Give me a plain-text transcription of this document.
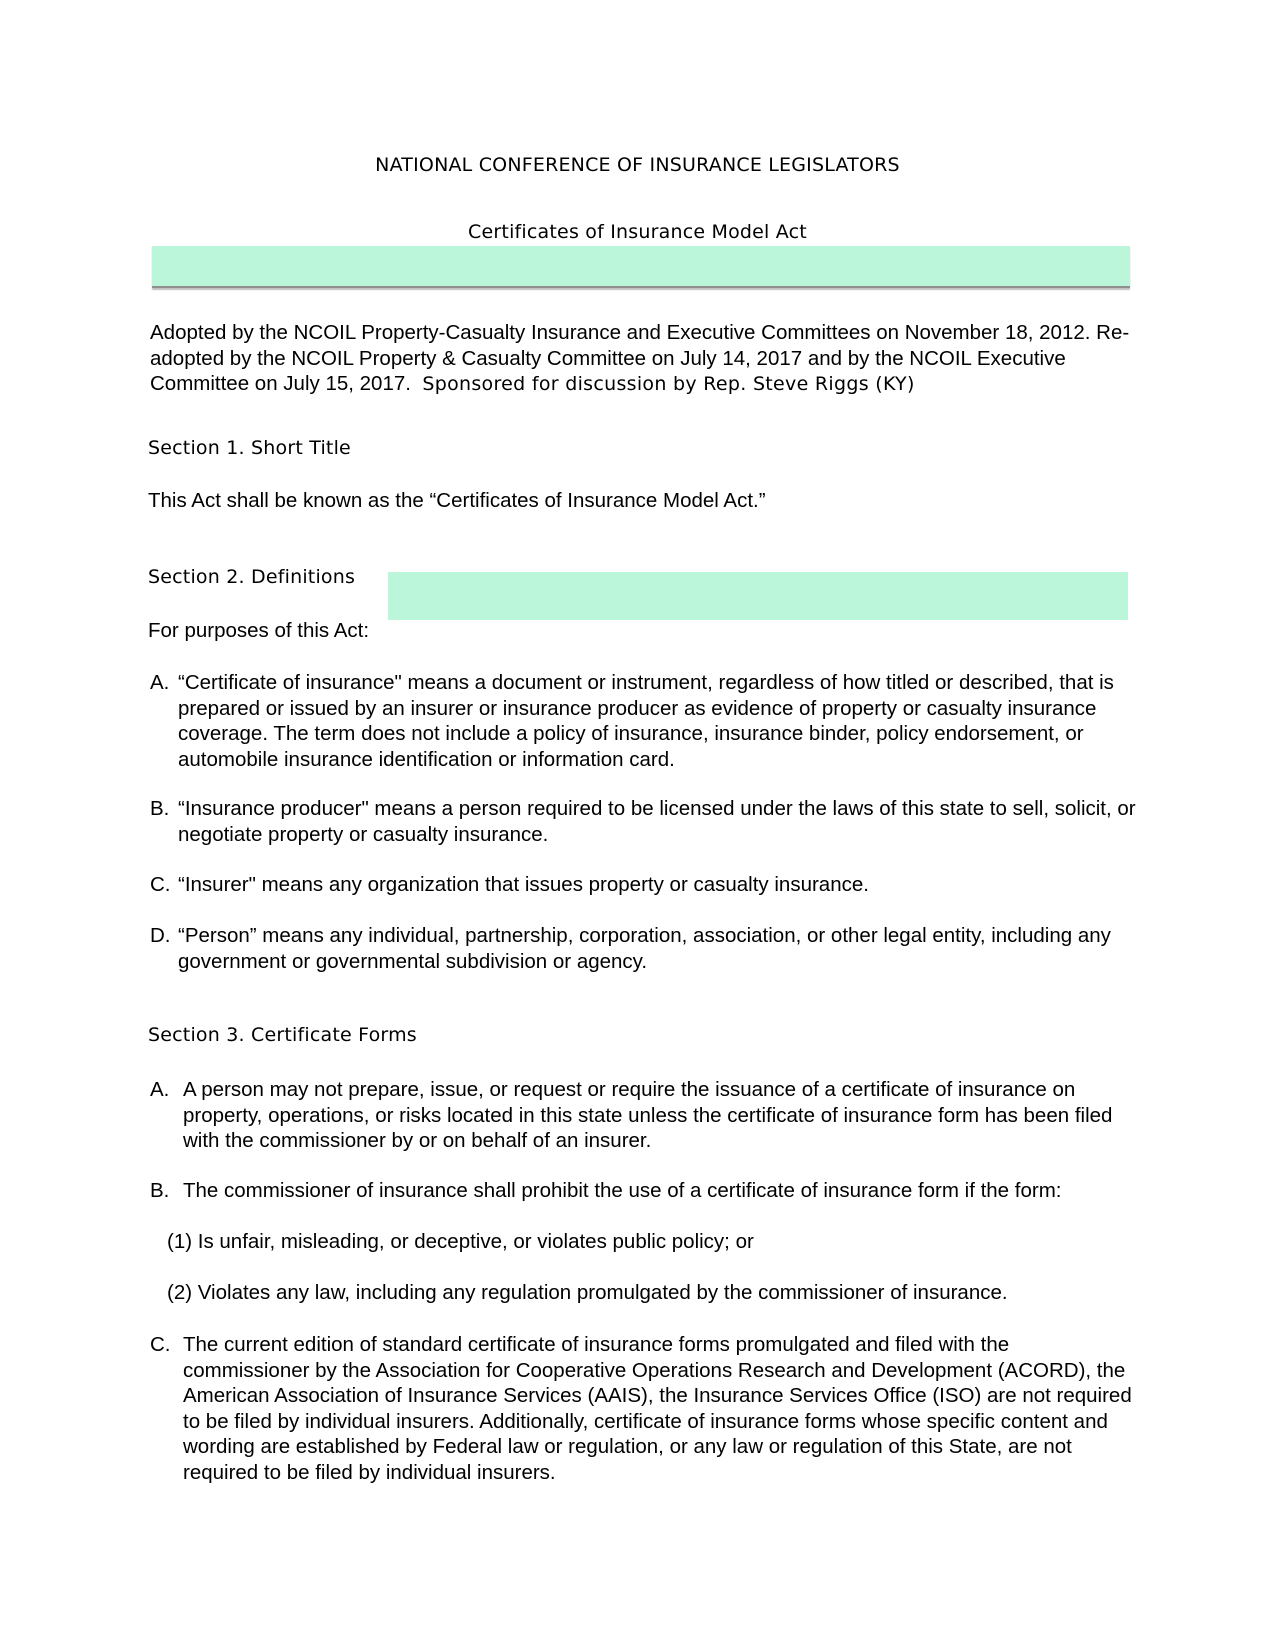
NATIONAL CONFERENCE OF INSURANCE LEGISLATORS
Certificates of Insurance Model Act
Adopted by the NCOIL Property-Casualty Insurance and Executive Committees on November 18, 2012. Re-adopted by the NCOIL Property & Casualty Committee on July 14, 2017 and by the NCOIL Executive Committee on July 15, 2017. Sponsored for discussion by Rep. Steve Riggs (KY)
Section 1. Short Title
This Act shall be known as the “Certificates of Insurance Model Act.”
Section 2. Definitions
For purposes of this Act:
A. “Certificate of insurance" means a document or instrument, regardless of how titled or described, that is prepared or issued by an insurer or insurance producer as evidence of property or casualty insurance coverage. The term does not include a policy of insurance, insurance binder, policy endorsement, or automobile insurance identification or information card.
B. “Insurance producer" means a person required to be licensed under the laws of this state to sell, solicit, or negotiate property or casualty insurance.
C. “Insurer" means any organization that issues property or casualty insurance.
D. “Person” means any individual, partnership, corporation, association, or other legal entity, including any government or governmental subdivision or agency.
Section 3. Certificate Forms
A. A person may not prepare, issue, or request or require the issuance of a certificate of insurance on property, operations, or risks located in this state unless the certificate of insurance form has been filed with the commissioner by or on behalf of an insurer.
B. The commissioner of insurance shall prohibit the use of a certificate of insurance form if the form:
(1) Is unfair, misleading, or deceptive, or violates public policy; or
(2) Violates any law, including any regulation promulgated by the commissioner of insurance.
C. The current edition of standard certificate of insurance forms promulgated and filed with the commissioner by the Association for Cooperative Operations Research and Development (ACORD), the American Association of Insurance Services (AAIS), the Insurance Services Office (ISO) are not required to be filed by individual insurers. Additionally, certificate of insurance forms whose specific content and wording are established by Federal law or regulation, or any law or regulation of this State, are not required to be filed by individual insurers.
